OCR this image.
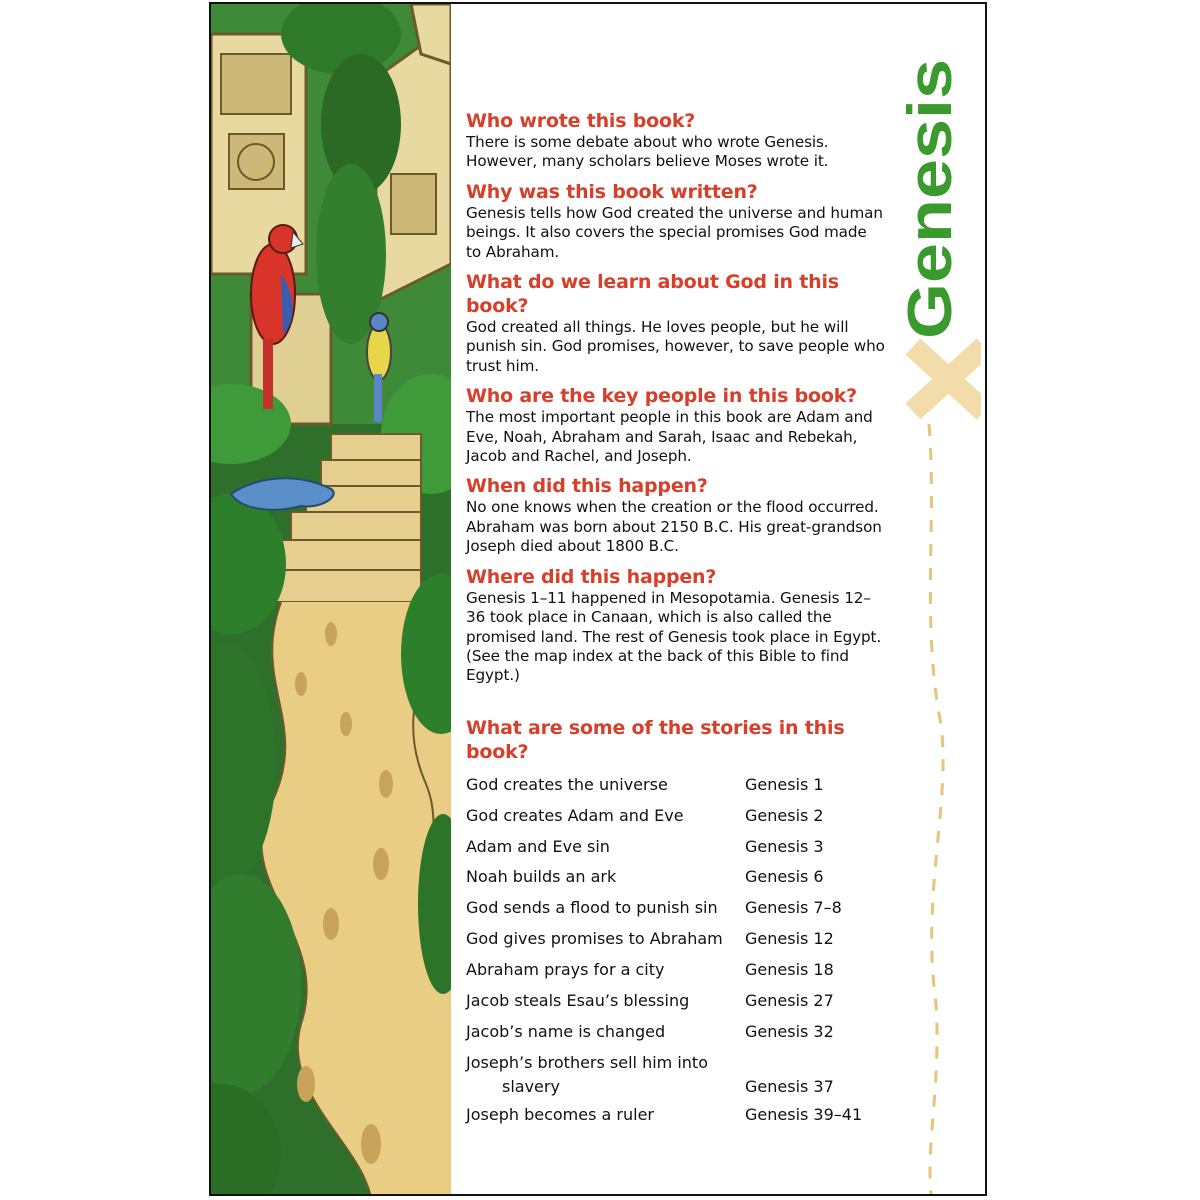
Who wrote this book?

There is some debate about who wrote Genesis. However, many scholars believe Moses wrote it.

Why was this book written?

Genesis tells how God created the universe and human beings. It also covers the special promises God made to Abraham.

What do we learn about God in this book?

God created all things. He loves people, but he will punish sin. God promises, however, to save people who trust him.

Who are the key people in this book?

The most important people in this book are Adam and Eve, Noah, Abraham and Sarah, Isaac and Rebekah, Jacob and Rachel, and Joseph.

When did this happen?

No one knows when the creation or the flood occurred. Abraham was born about 2150 B.C. His great-grandson Joseph died about 1800 B.C.

Where did this happen?

Genesis 1–11 happened in Mesopotamia. Genesis 12–36 took place in Canaan, which is also called the promised land. The rest of Genesis took place in Egypt. (See the map index at the back of this Bible to find Egypt.)

What are some of the stories in this book?
God creates the universe	Genesis 1
God creates Adam and Eve	Genesis 2
Adam and Eve sin	Genesis 3
Noah builds an ark	Genesis 6
God sends a flood to punish sin	Genesis 7–8
God gives promises to Abraham	Genesis 12
Abraham prays for a city	Genesis 18
Jacob steals Esau’s blessing	Genesis 27
Jacob’s name is changed	Genesis 32
Joseph’s brothers sell him into
slavery	Genesis 37
Joseph becomes a ruler	Genesis 39–41
Genesis
